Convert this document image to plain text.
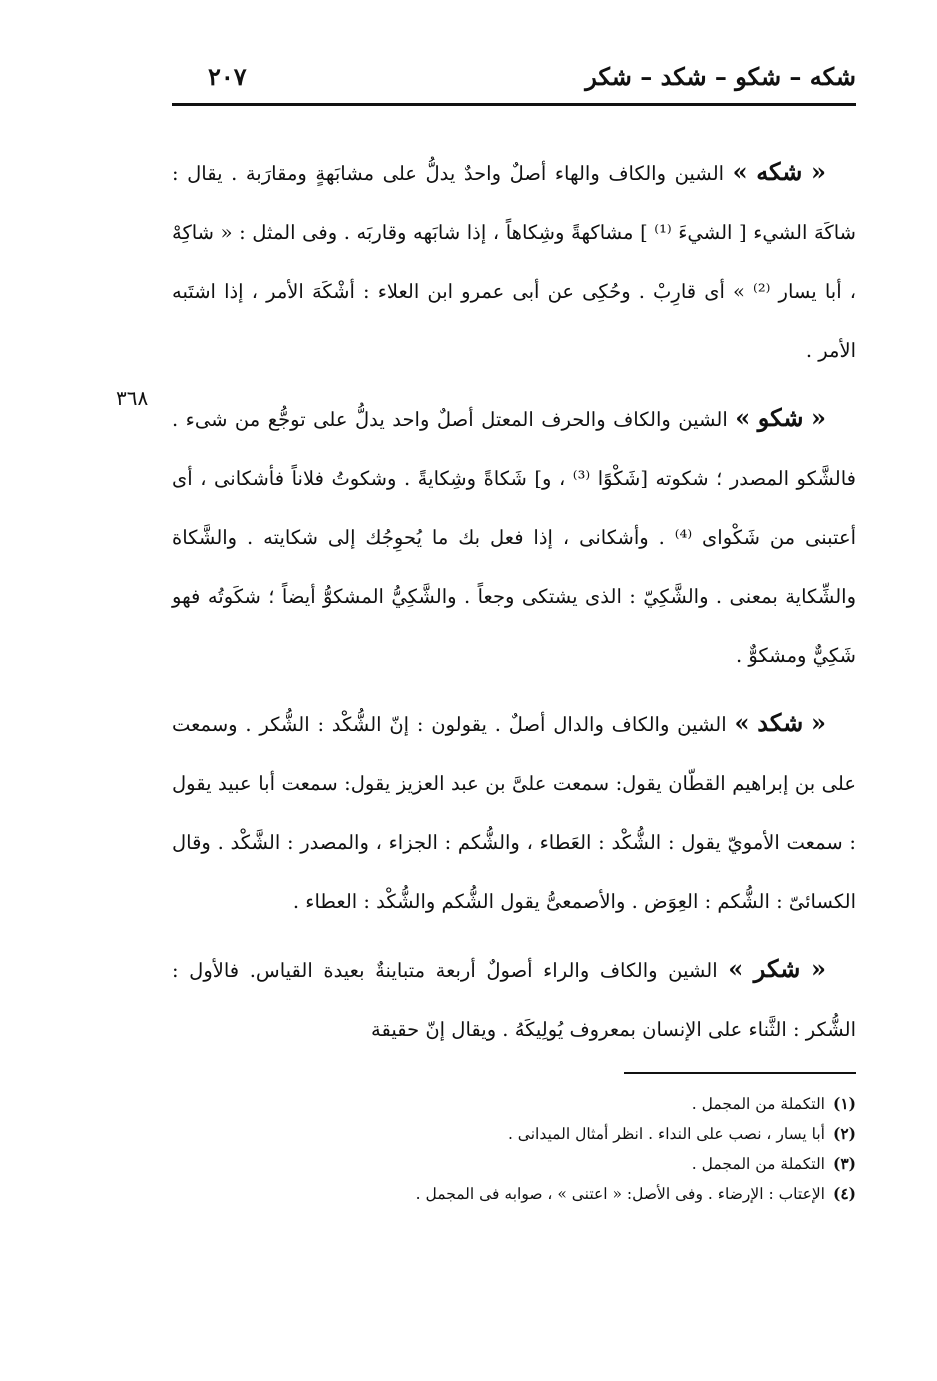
شكه – شكو – شكد – شكر
٢٠٧
٣٦٨

« شكه » الشين والكاف والهاء أصلٌ واحدٌ يدلُّ على مشابَهةٍ ومقارَبة . يقال : شاكَهَ الشيء [ الشيءَ ⁽¹⁾ ] مشاكهةً وشِكاهاً ، إذا شابَهه وقاربَه . وفى المثل : « شاكِهْ ، أبا يسار ⁽²⁾ » أى قارِبْ . وحُكِى عن أبى عمرو ابن العلاء : أشْكَهَ الأمر ، إذا اشتَبه الأمر .

« شكو » الشين والكاف والحرف المعتل أصلٌ واحد يدلُّ على توجُّع من شىء . فالشَّكو المصدر ؛ شكوته [شَكْوًا ⁽³⁾ ، و] شَكاةً وشِكايةً . وشكوتُ فلاناً فأشكانى ، أى أعتبنى من شَكْواى ⁽⁴⁾ . وأشكانى ، إذا فعل بك ما يُحوِجُك إلى شكايته . والشَّكاة والشِّكاية بمعنى . والشَّكِيّ : الذى يشتكى وجعاً . والشَّكِيُّ المشكوُّ أيضاً ؛ شكَوتُه فهو شَكِيٌّ ومشكوٌّ .

« شكد » الشين والكاف والدال أصلٌ . يقولون : إنّ الشُّكْد : الشُّكر . وسمعت على بن إبراهيم القطّان يقول: سمعت علىَّ بن عبد العزيز يقول: سمعت أبا عبيد يقول : سمعت الأمويّ يقول : الشُّكْد : العَطاء ، والشُّكم : الجزاء ، والمصدر : الشَّكْد . وقال الكسائىّ : الشُّكم : العِوَض . والأصمعىُّ يقول الشُّكم والشُّكْد : العطاء .

« شكر » الشين والكاف والراء أصولٌ أربعة متباينةٌ بعيدة القياس. فالأول : الشُّكر : الثَّناء على الإنسان بمعروف يُولِيكَهُ . ويقال إنّ حقيقة

(١)التكملة من المجمل .

(٢)أبا يسار ، نصب على النداء . انظر أمثال الميدانى .

(٣)التكملة من المجمل .

(٤)الإعتاب : الإرضاء . وفى الأصل: « اعتنى » ، صوابه فى المجمل .
